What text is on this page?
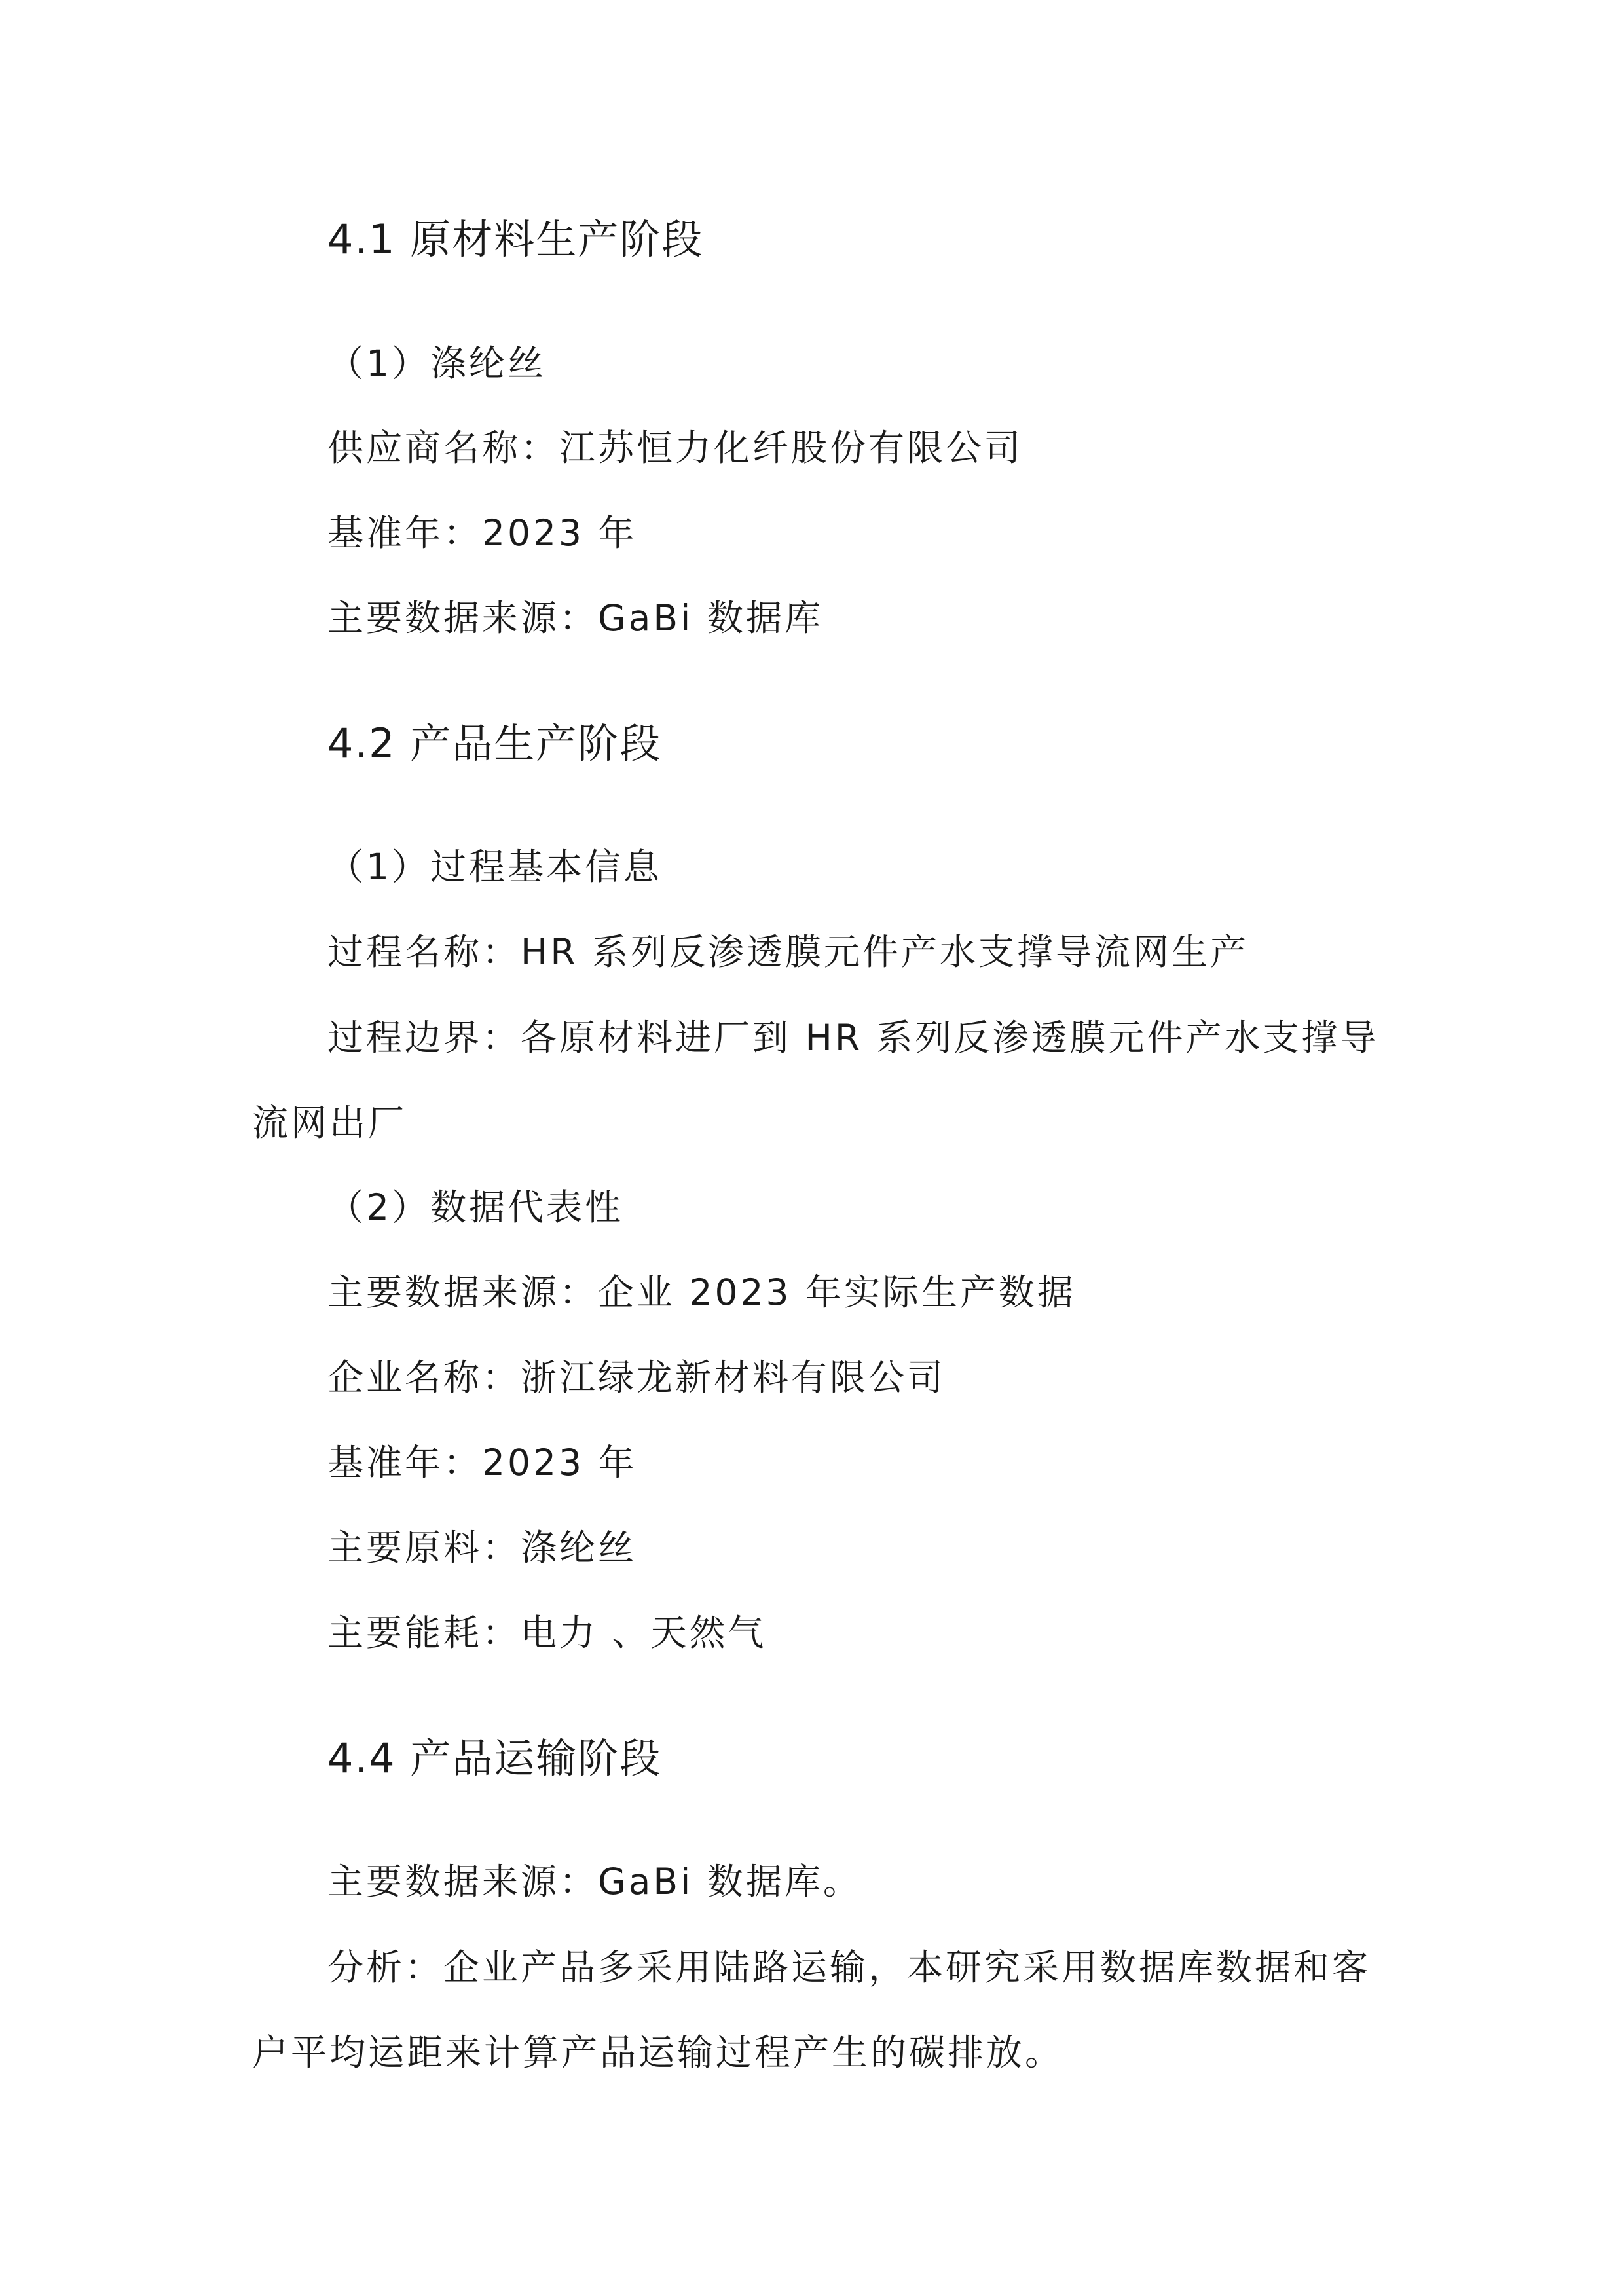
4.1 原材料生产阶段
（1）涤纶丝
供应商名称：江苏恒力化纤股份有限公司
基准年：2023 年
主要数据来源：GaBi 数据库
4.2 产品生产阶段
（1）过程基本信息
过程名称：HR 系列反渗透膜元件产水支撑导流网生产

过程边界：各原材料进厂到 HR 系列反渗透膜元件产水支撑导流网出厂

（2）数据代表性
主要数据来源：企业 2023 年实际生产数据
企业名称：浙江绿龙新材料有限公司
基准年：2023 年
主要原料：涤纶丝
主要能耗：电力 、天然气
4.4 产品运输阶段
主要数据来源：GaBi 数据库。

分析：企业产品多采用陆路运输，本研究采用数据库数据和客户平均运距来计算产品运输过程产生的碳排放。
